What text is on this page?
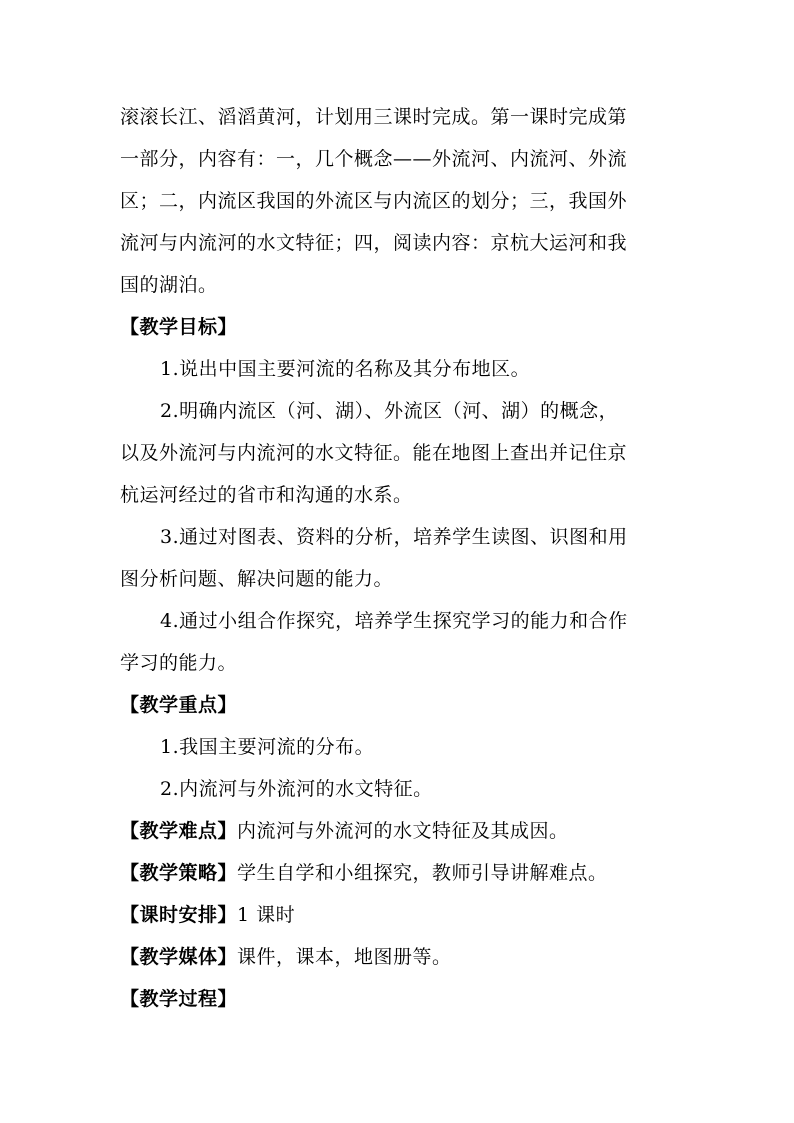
滚滚长江、滔滔黄河，计划用三课时完成。第一课时完成第
一部分，内容有：一，几个概念——外流河、内流河、外流
区；二，内流区我国的外流区与内流区的划分；三，我国外
流河与内流河的水文特征；四，阅读内容：京杭大运河和我
国的湖泊。
【教学目标】
1.说出中国主要河流的名称及其分布地区。
2.明确内流区（河、湖）、外流区（河、湖）的概念，
以及外流河与内流河的水文特征。能在地图上查出并记住京
杭运河经过的省市和沟通的水系。
3.通过对图表、资料的分析，培养学生读图、识图和用
图分析问题、解决问题的能力。
4.通过小组合作探究，培养学生探究学习的能力和合作
学习的能力。
【教学重点】
1.我国主要河流的分布。
2.内流河与外流河的水文特征。
【教学难点】内流河与外流河的水文特征及其成因。
【教学策略】学生自学和小组探究，教师引导讲解难点。
【课时安排】1 课时
【教学媒体】课件，课本，地图册等。
【教学过程】
